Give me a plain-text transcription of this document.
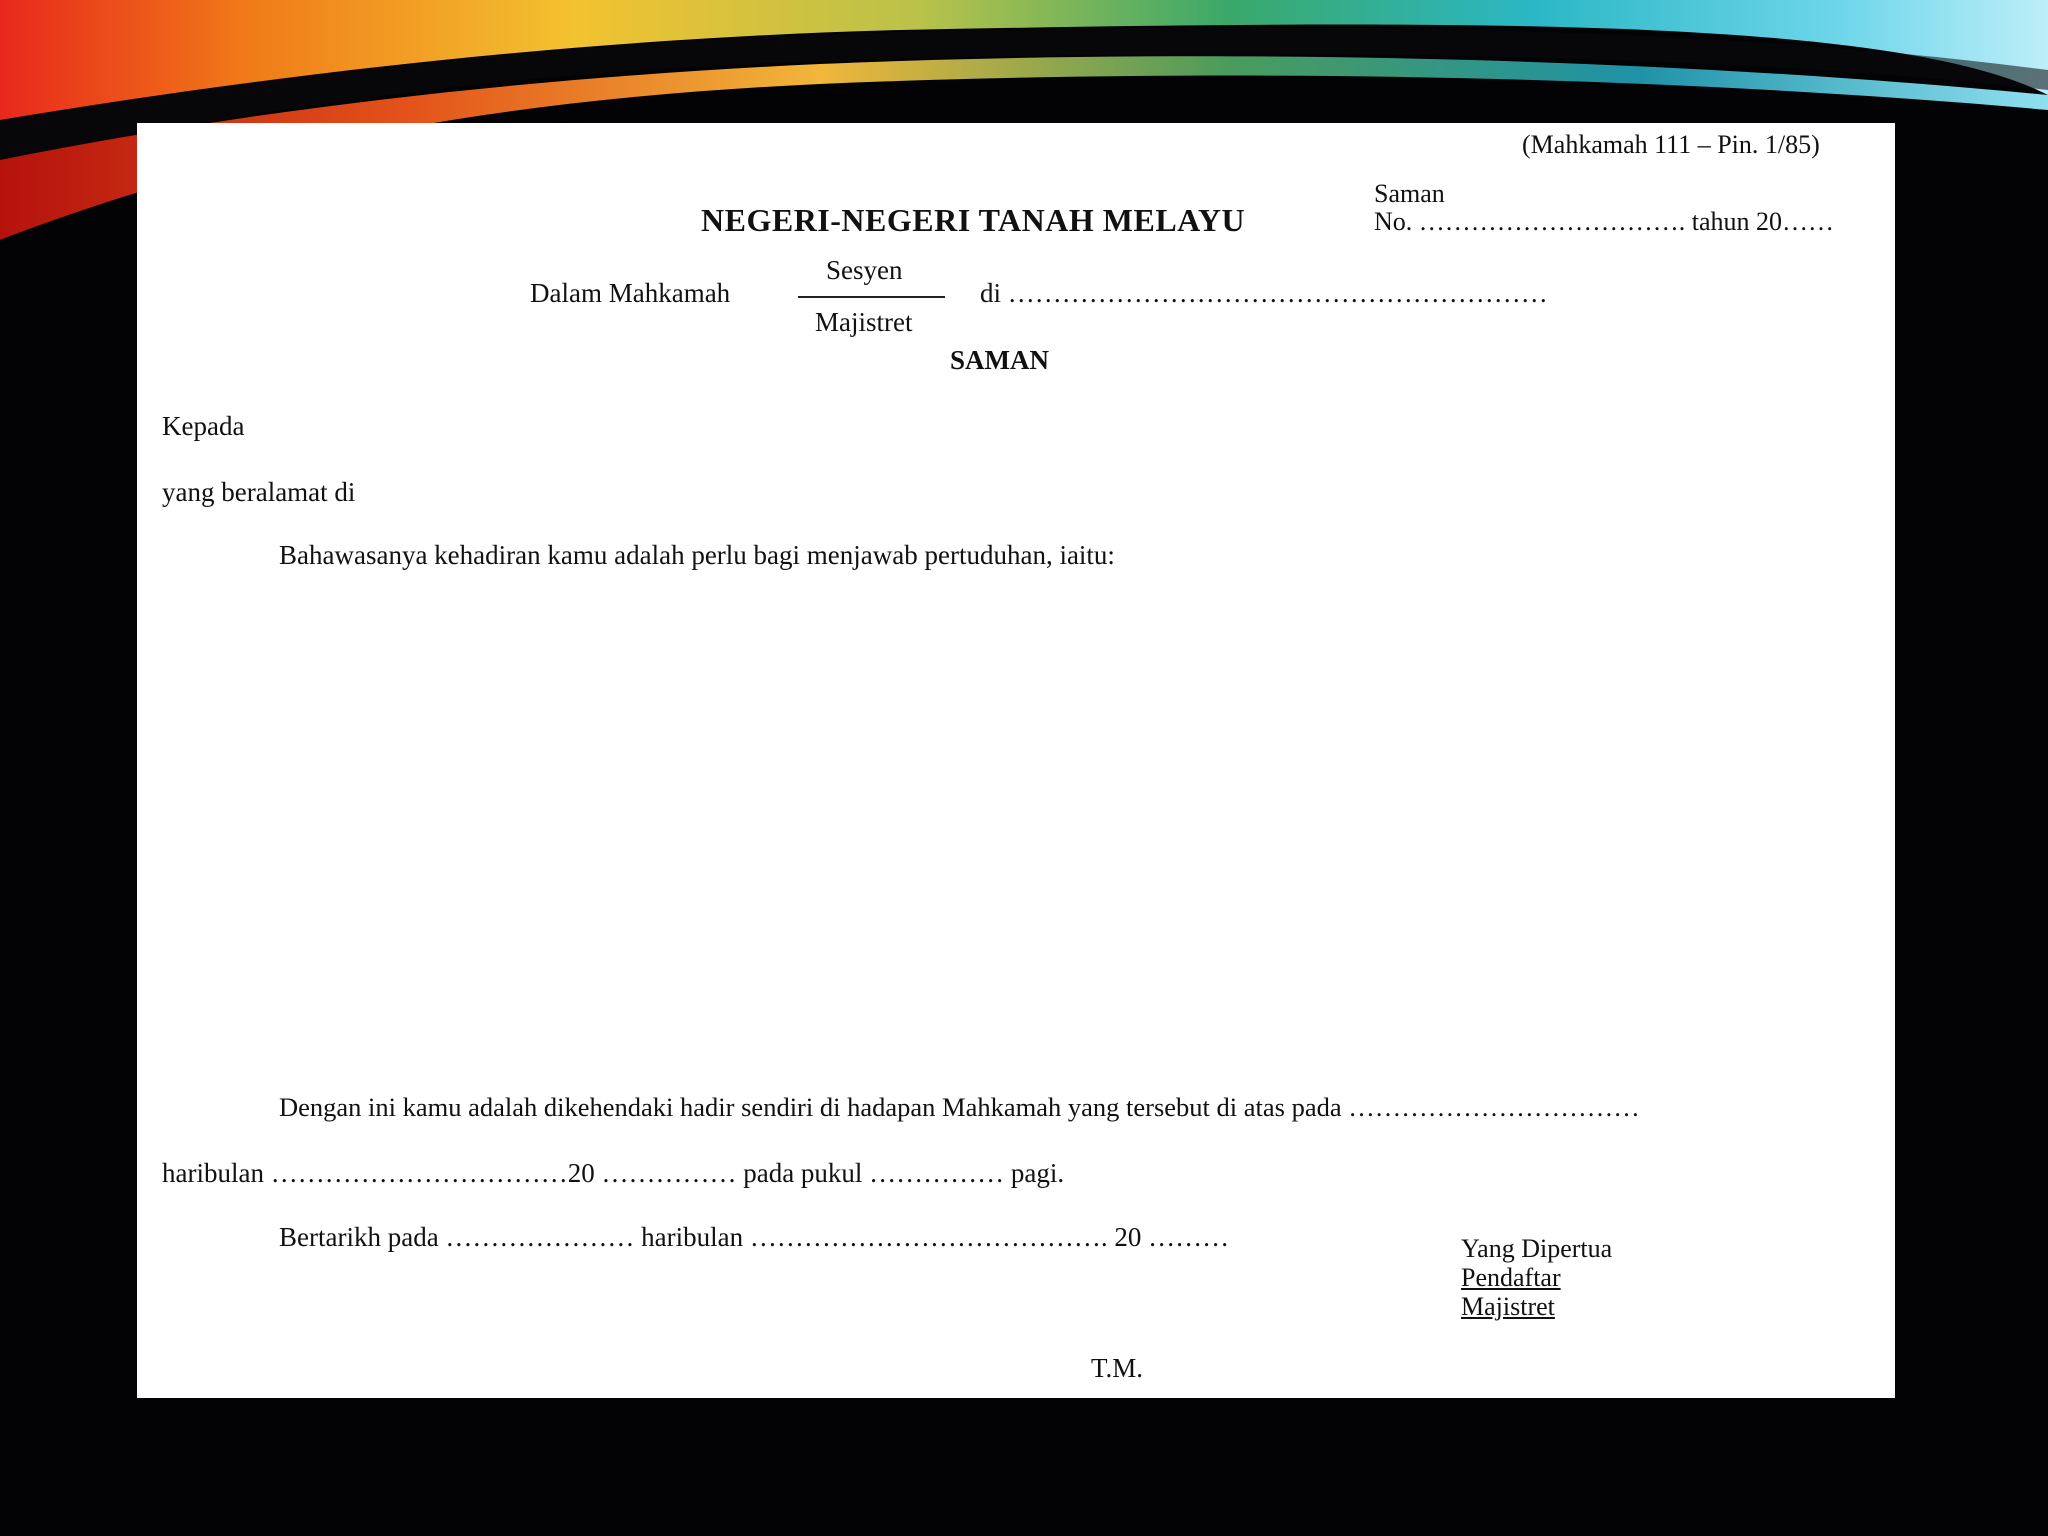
(Mahkamah 111 – Pin. 1/85)
Saman
No. …………………………. tahun 20……
NEGERI-NEGERI TANAH MELAYU
Dalam Mahkamah
Sesyen
Majistret
di ……………………………………………………
SAMAN
Kepada
yang beralamat di
Bahawasanya kehadiran kamu adalah perlu bagi menjawab pertuduhan, iaitu:
Dengan ini kamu adalah dikehendaki hadir sendiri di hadapan Mahkamah yang tersebut di atas pada ……………………………
haribulan ……………………………20 …………… pada pukul …………… pagi.
Bertarikh pada ………………… haribulan …………………………………. 20 ………	Yang Dipertua
Pendaftar
Majistret
T.M.
